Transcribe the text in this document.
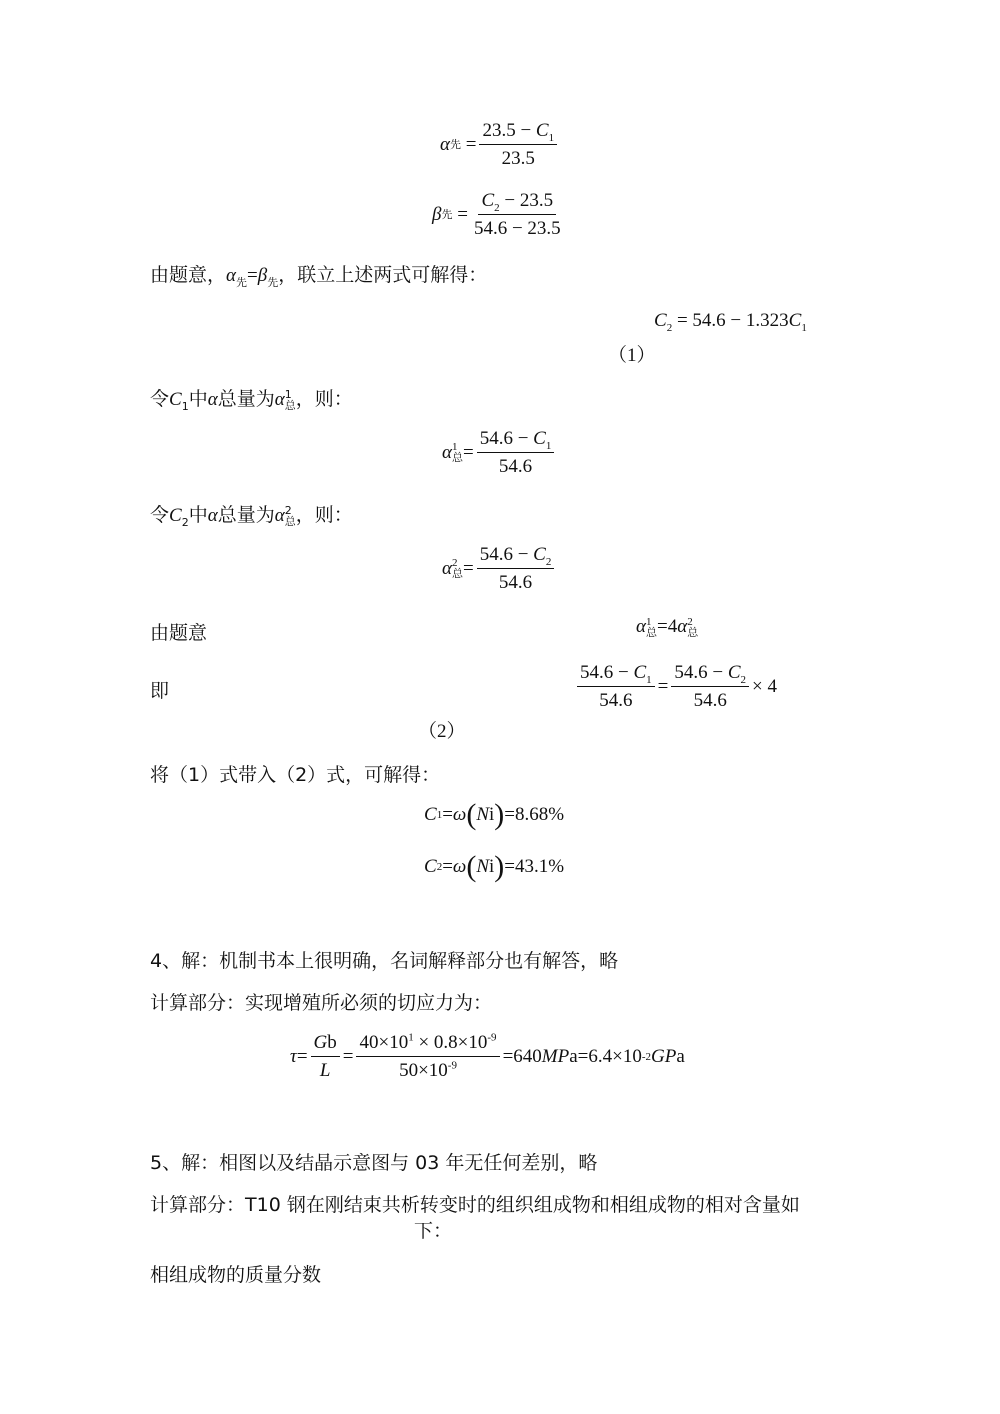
α 先 = $\frac{23.5 - C_1}{23.5}$
β 先 = $\frac{C_2 - 23.5}{54.6 - 23.5}$
由题意，$\alpha_先=\beta_先$，联立上述两式可解得：
$C_2 = 54.6 - 1.323C_1$
（1）
令$C_1$中α总量为α 1
总 ，则：
α 1
总 = $\frac{54.6 - C_1}{54.6}$
令$C_2$中α总量为α 2
总 ，则：
α 2
总 = $\frac{54.6 - C_2}{54.6}$
由题意	α 1
总 =4α 2
总
即	$\frac{54.6 - C_1}{54.6} = \frac{54.6 - C_2}{54.6} \times 4$
（2）
将（1）式带入（2）式，可解得：
C 1 = ω ( N i ) =8.68%
C 2 = ω ( N i ) =43.1%
4、解：机制书本上很明确，名词解释部分也有解答，略
计算部分：实现增殖所必须的切应力为：
$\tau = \frac{Gb}{L} = \frac{40\times 10^1 \times 0.8\times 10^{-9}}{50\times 10^{-9}} =640$ MP a =6.4×10 -2 GP a
5、解：相图以及结晶示意图与 03 年无任何差别，略
计算部分：T10 钢在刚结束共析转变时的组织组成物和相组成物的相对含量如
下：
相组成物的质量分数
